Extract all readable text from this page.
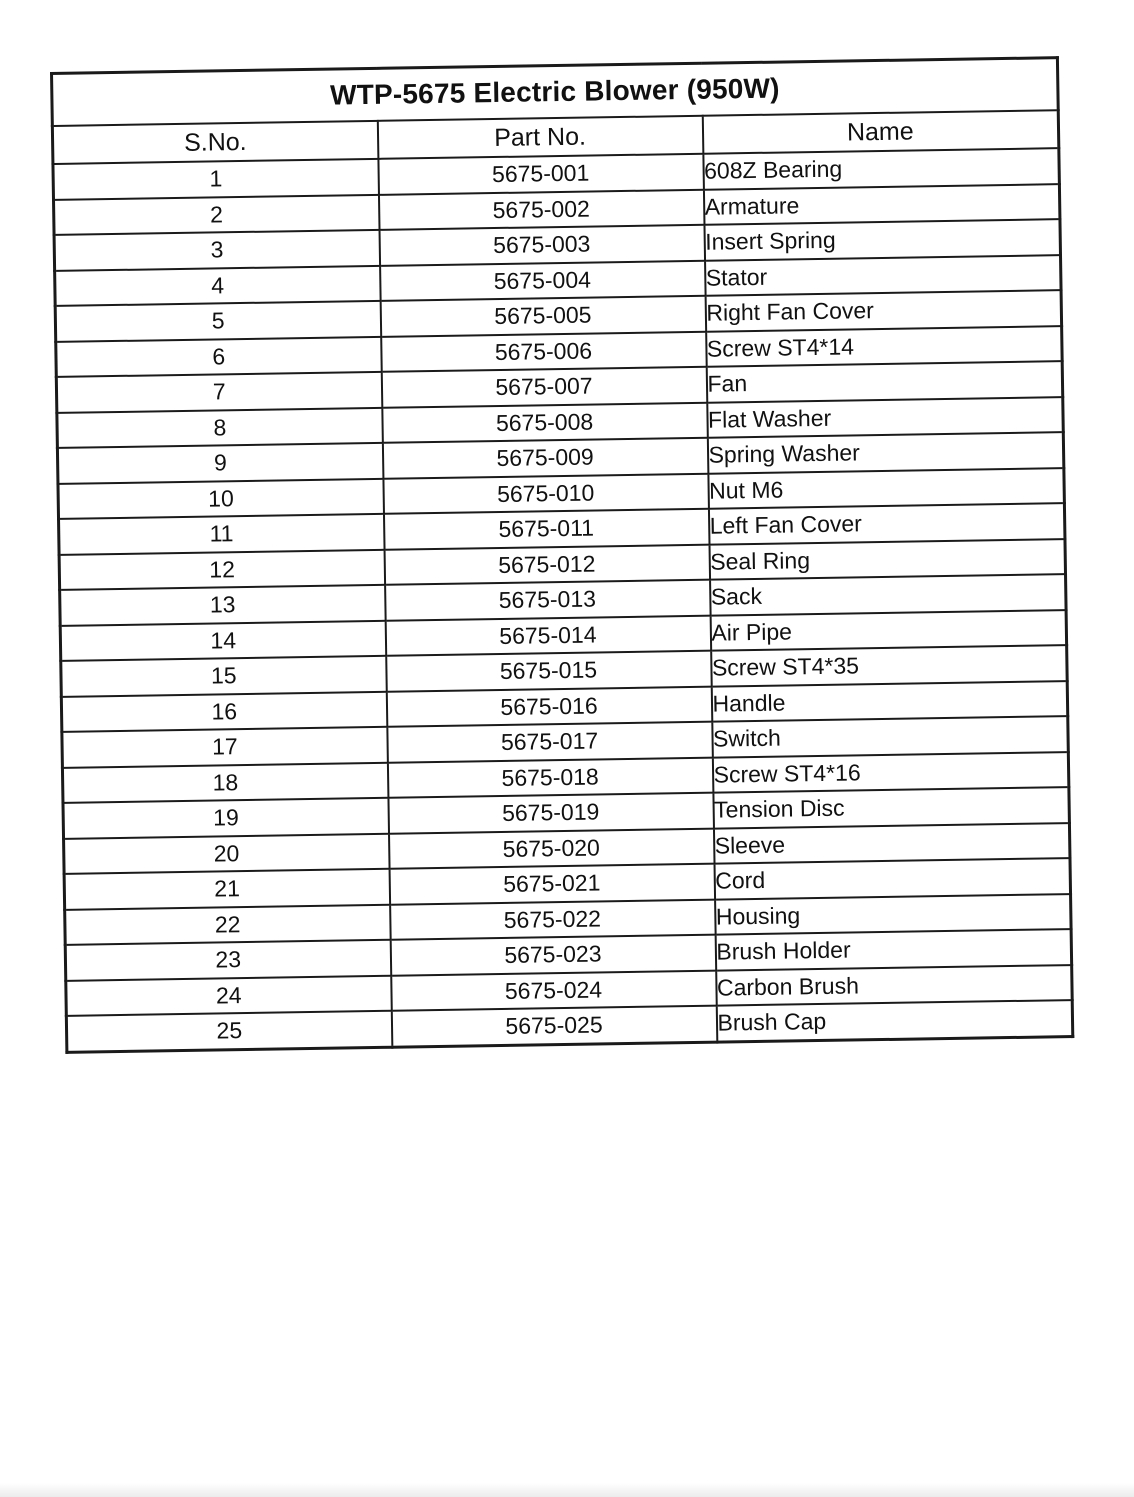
WTP-5675 Electric Blower (950W)		
S.No.	Part No.	Name
1	5675-001	608Z Bearing
2	5675-002	Armature
3	5675-003	Insert Spring
4	5675-004	Stator
5	5675-005	Right Fan Cover
6	5675-006	Screw ST4*14
7	5675-007	Fan
8	5675-008	Flat Washer
9	5675-009	Spring Washer
10	5675-010	Nut M6
11	5675-011	Left Fan Cover
12	5675-012	Seal Ring
13	5675-013	Sack
14	5675-014	Air Pipe
15	5675-015	Screw ST4*35
16	5675-016	Handle
17	5675-017	Switch
18	5675-018	Screw ST4*16
19	5675-019	Tension Disc
20	5675-020	Sleeve
21	5675-021	Cord
22	5675-022	Housing
23	5675-023	Brush Holder
24	5675-024	Carbon Brush
25	5675-025	Brush Cap
